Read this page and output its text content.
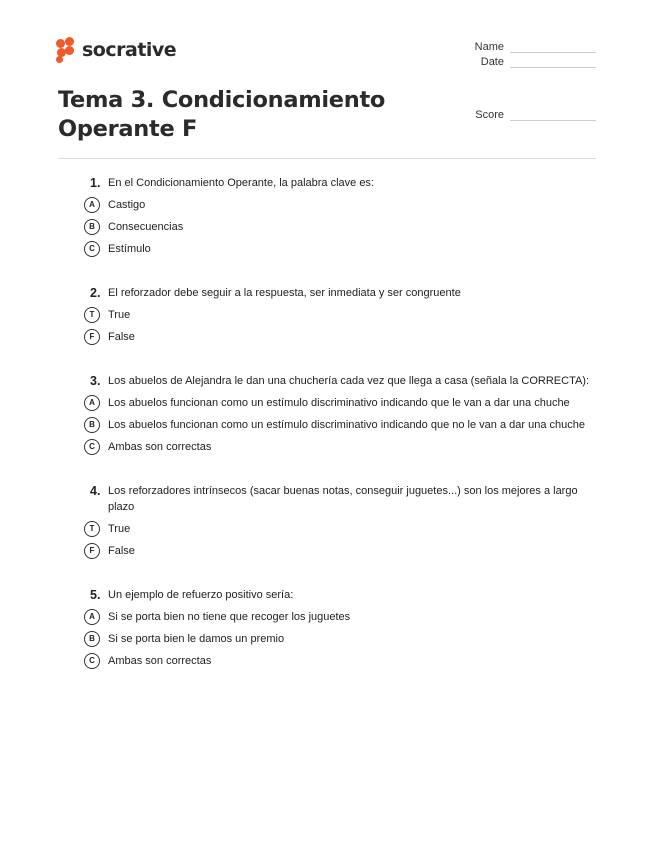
socrative	Name
Date
Score
Tema 3. Condicionamiento Operante F
1. En el Condicionamiento Operante, la palabra clave es:
A	Castigo
B	Consecuencias
C	Estímulo
2. El reforzador debe seguir a la respuesta, ser inmediata y ser congruente
T	True
F	False
3. Los abuelos de Alejandra le dan una chuchería cada vez que llega a casa (señala la CORRECTA):
A	Los abuelos funcionan como un estímulo discriminativo indicando que le van a dar una chuche
B	Los abuelos funcionan como un estímulo discriminativo indicando que no le van a dar una chuche
C	Ambas son correctas
4. Los reforzadores intrínsecos (sacar buenas notas, conseguir juguetes...) son los mejores a largo plazo
T	True
F	False
5. Un ejemplo de refuerzo positivo sería:
A	Si se porta bien no tiene que recoger los juguetes
B	Si se porta bien le damos un premio
C	Ambas son correctas
